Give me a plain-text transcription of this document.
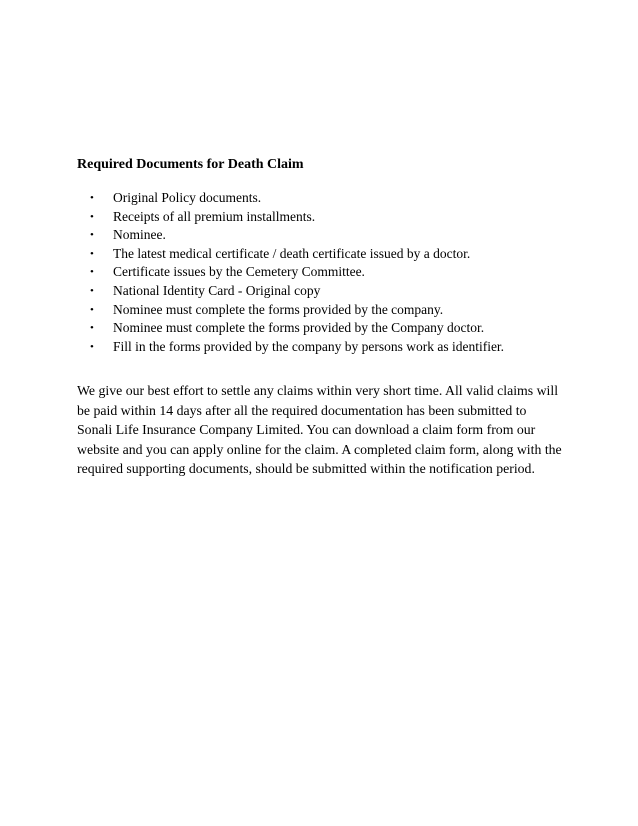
Required Documents for Death Claim
• Original Policy documents.
• Receipts of all premium installments.
• Nominee.
• The latest medical certificate / death certificate issued by a doctor.
• Certificate issues by the Cemetery Committee.
• National Identity Card - Original copy
• Nominee must complete the forms provided by the company.
• Nominee must complete the forms provided by the Company doctor.
• Fill in the forms provided by the company by persons work as identifier.

We give our best effort to settle any claims within very short time. All valid claims will be paid within 14 days after all the required documentation has been submitted to Sonali Life Insurance Company Limited. You can download a claim form from our website and you can apply online for the claim. A completed claim form, along with the required supporting documents, should be submitted within the notification period.
